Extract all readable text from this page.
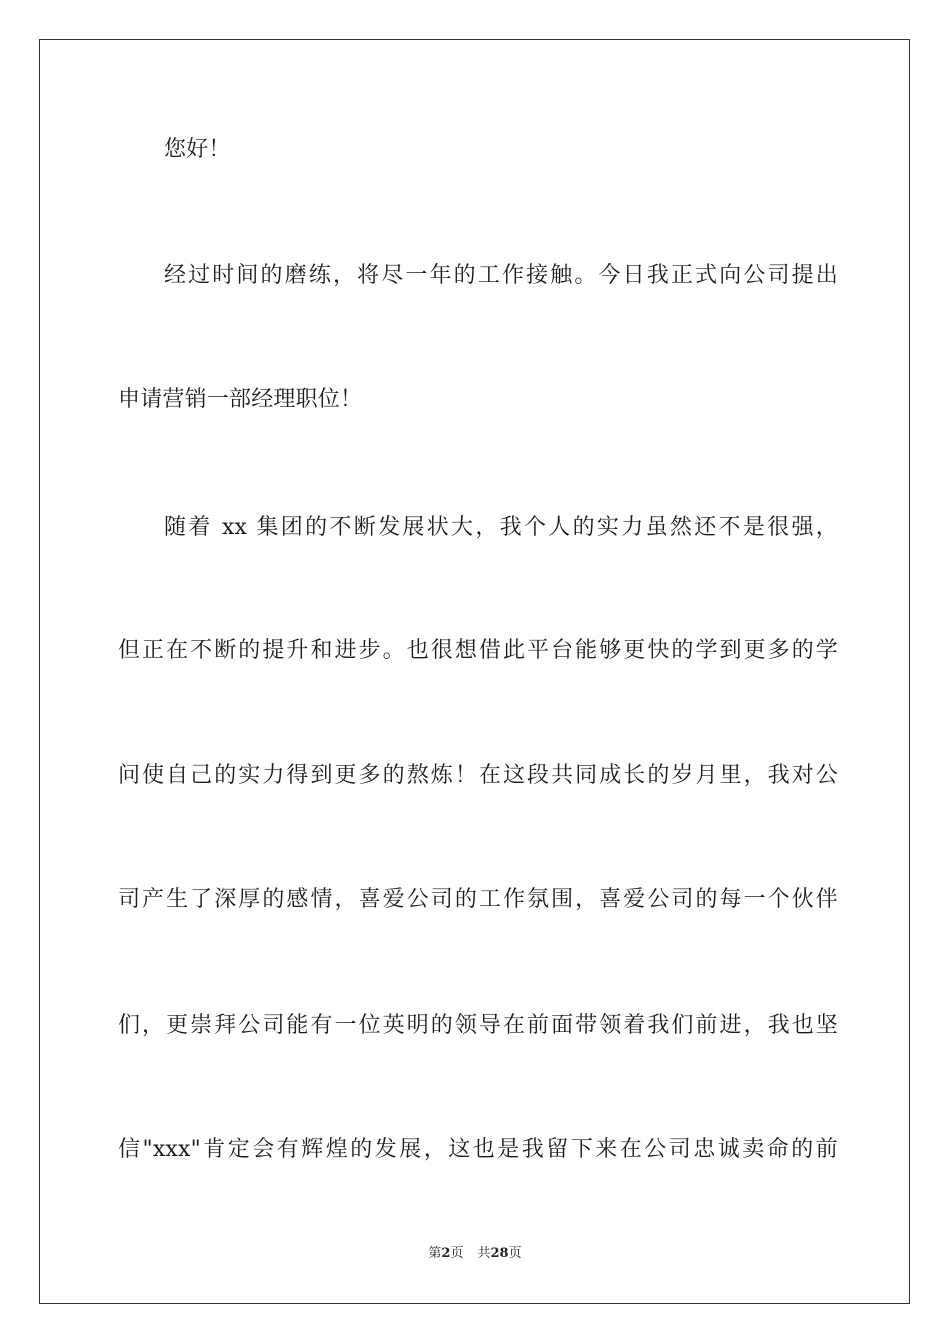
您好！
经过时间的磨练，将尽一年的工作接触。今日我正式向公司提出
申请营销一部经理职位！
随着 xx 集团的不断发展状大，我个人的实力虽然还不是很强，
但正在不断的提升和进步。也很想借此平台能够更快的学到更多的学
问使自己的实力得到更多的熬炼！在这段共同成长的岁月里，我对公
司产生了深厚的感情，喜爱公司的工作氛围，喜爱公司的每一个伙伴
们，更崇拜公司能有一位英明的领导在前面带领着我们前进，我也坚
信"xxx"肯定会有辉煌的发展，这也是我留下来在公司忠诚卖命的前
第2页 共28页
